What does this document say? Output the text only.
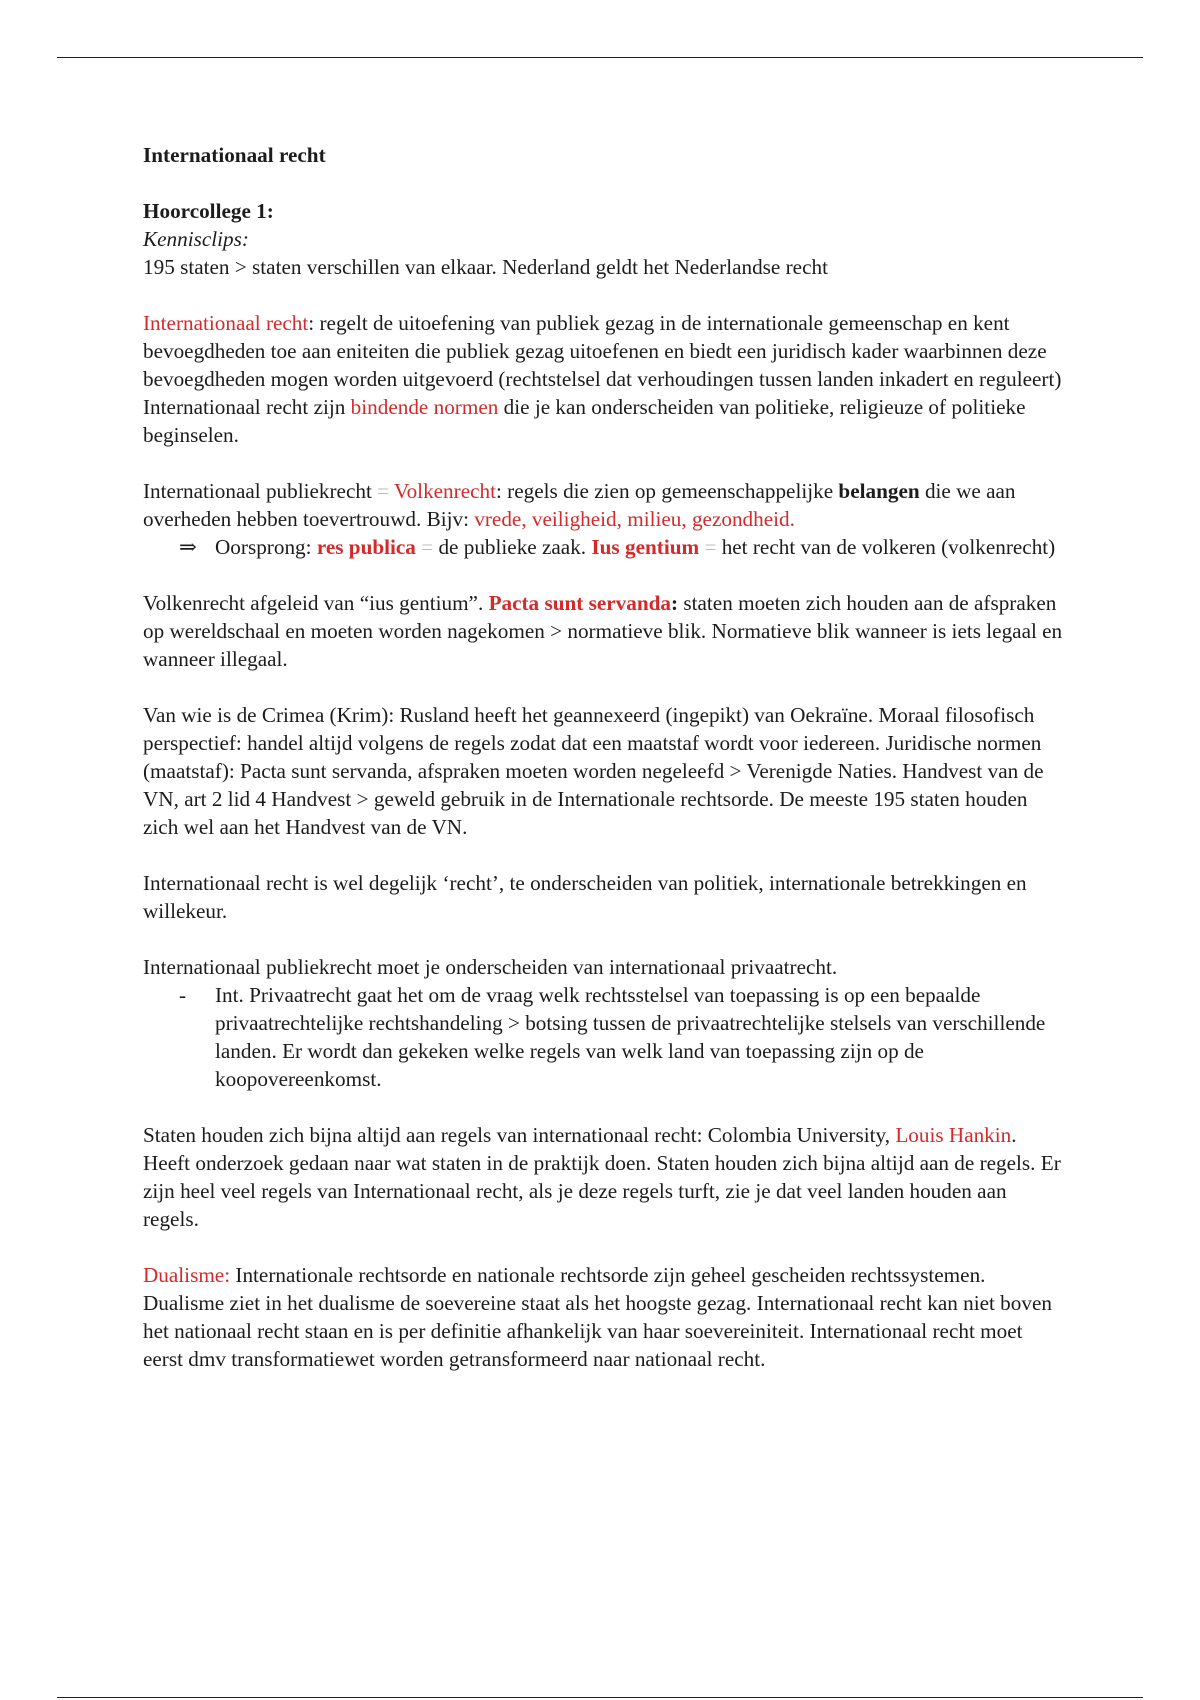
Internationaal recht

Hoorcollege 1:

Kennisclips:

195 staten > staten verschillen van elkaar. Nederland geldt het Nederlandse recht

Internationaal recht: regelt de uitoefening van publiek gezag in de internationale gemeenschap en kent bevoegdheden toe aan eniteiten die publiek gezag uitoefenen en biedt een juridisch kader waarbinnen deze bevoegdheden mogen worden uitgevoerd (rechtstelsel dat verhoudingen tussen landen inkadert en reguleert)

Internationaal recht zijn bindende normen die je kan onderscheiden van politieke, religieuze of politieke beginselen.

Internationaal publiekrecht = Volkenrecht: regels die zien op gemeenschappelijke belangen die we aan overheden hebben toevertrouwd. Bijv: vrede, veiligheid, milieu, gezondheid.

⇒ Oorsprong: res publica = de publieke zaak. Ius gentium = het recht van de volkeren (volkenrecht)

Volkenrecht afgeleid van “ius gentium”. Pacta sunt servanda: staten moeten zich houden aan de afspraken op wereldschaal en moeten worden nagekomen > normatieve blik. Normatieve blik wanneer is iets legaal en wanneer illegaal.

Van wie is de Crimea (Krim): Rusland heeft het geannexeerd (ingepikt) van Oekraïne. Moraal filosofisch perspectief: handel altijd volgens de regels zodat dat een maatstaf wordt voor iedereen. Juridische normen (maatstaf): Pacta sunt servanda, afspraken moeten worden negeleefd > Verenigde Naties. Handvest van de VN, art 2 lid 4 Handvest > geweld gebruik in de Internationale rechtsorde. De meeste 195 staten houden zich wel aan het Handvest van de VN.

Internationaal recht is wel degelijk ‘recht’, te onderscheiden van politiek, internationale betrekkingen en willekeur.

Internationaal publiekrecht moet je onderscheiden van internationaal privaatrecht.

- Int. Privaatrecht gaat het om de vraag welk rechtsstelsel van toepassing is op een bepaalde privaatrechtelijke rechtshandeling > botsing tussen de privaatrechtelijke stelsels van verschillende landen. Er wordt dan gekeken welke regels van welk land van toepassing zijn op de koopovereenkomst.

Staten houden zich bijna altijd aan regels van internationaal recht: Colombia University, Louis Hankin. Heeft onderzoek gedaan naar wat staten in de praktijk doen. Staten houden zich bijna altijd aan de regels. Er zijn heel veel regels van Internationaal recht, als je deze regels turft, zie je dat veel landen houden aan regels.

Dualisme: Internationale rechtsorde en nationale rechtsorde zijn geheel gescheiden rechtssystemen. Dualisme ziet in het dualisme de soevereine staat als het hoogste gezag. Internationaal recht kan niet boven het nationaal recht staan en is per definitie afhankelijk van haar soevereiniteit. Internationaal recht moet eerst dmv transformatiewet worden getransformeerd naar nationaal recht.
